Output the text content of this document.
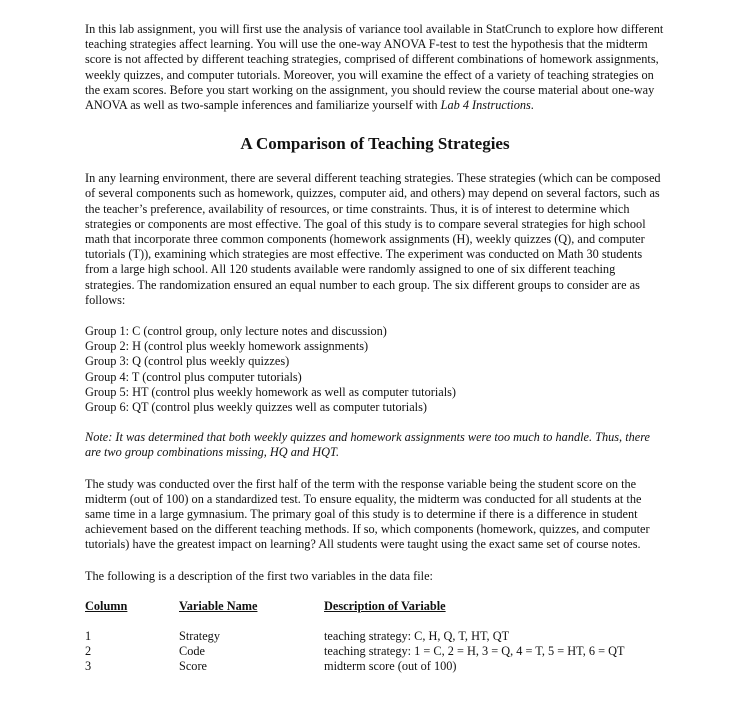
In this lab assignment, you will first use the analysis of variance tool available in StatCrunch to explore how different teaching strategies affect learning. You will use the one-way ANOVA F-test to test the hypothesis that the midterm score is not affected by different teaching strategies, comprised of different combinations of homework assignments, weekly quizzes, and computer tutorials. Moreover, you will examine the effect of a variety of teaching strategies on the exam scores. Before you start working on the assignment, you should review the course material about one-way ANOVA as well as two-sample inferences and familiarize yourself with Lab 4 Instructions.

A Comparison of Teaching Strategies

In any learning environment, there are several different teaching strategies. These strategies (which can be composed of several components such as homework, quizzes, computer aid, and others) may depend on several factors, such as the teacher’s preference, availability of resources, or time constraints. Thus, it is of interest to determine which strategies or components are most effective. The goal of this study is to compare several strategies for high school math that incorporate three common components (homework assignments (H), weekly quizzes (Q), and computer tutorials (T)), examining which strategies are most effective. The experiment was conducted on Math 30 students from a large high school. All 120 students available were randomly assigned to one of six different teaching strategies. The randomization ensured an equal number to each group. The six different groups to consider are as follows:

Group 1: C (control group, only lecture notes and discussion)
Group 2: H (control plus weekly homework assignments)
Group 3: Q (control plus weekly quizzes)
Group 4: T (control plus computer tutorials)
Group 5: HT (control plus weekly homework as well as computer tutorials)
Group 6: QT (control plus weekly quizzes well as computer tutorials)

Note: It was determined that both weekly quizzes and homework assignments were too much to handle. Thus, there are two group combinations missing, HQ and HQT.

The study was conducted over the first half of the term with the response variable being the student score on the midterm (out of 100) on a standardized test. To ensure equality, the midterm was conducted for all students at the same time in a large gymnasium. The primary goal of this study is to determine if there is a difference in student achievement based on the different teaching methods. If so, which components (homework, quizzes, and computer tutorials) have the greatest impact on learning? All students were taught using the exact same set of course notes.

The following is a description of the first two variables in the data file:

Column	Variable Name	Description of Variable
1	Strategy	teaching strategy: C, H, Q, T, HT, QT
2	Code	teaching strategy: 1 = C, 2 = H, 3 = Q, 4 = T, 5 = HT, 6 = QT
3	Score	midterm score (out of 100)
